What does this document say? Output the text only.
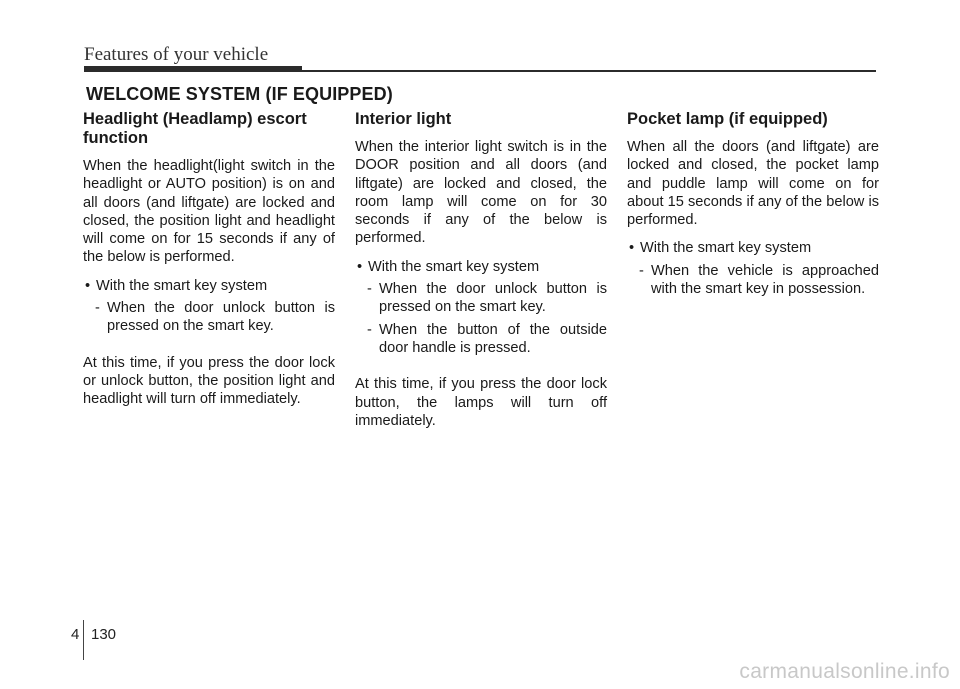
Features of your vehicle
WELCOME SYSTEM (IF EQUIPPED)
Headlight (Headlamp) escort function

When the headlight(light switch in the headlight or AUTO position) is on and all doors (and liftgate) are locked and closed, the position light and headlight will come on for 15 seconds if any of the below is performed.

• With the smart key system
- When the door unlock button is pressed on the smart key.

At this time, if you press the door lock or unlock button, the position light and headlight will turn off immediately.

Interior light

When the interior light switch is in the DOOR position and all doors (and liftgate) are locked and closed, the room lamp will come on for 30 seconds if any of the below is performed.

• With the smart key system
- When the door unlock button is pressed on the smart key.
- When the button of the outside door handle is pressed.

At this time, if you press the door lock button, the lamps will turn off immediately.

Pocket lamp (if equipped)

When all the doors (and liftgate) are locked and closed, the pocket lamp and puddle lamp will come on for about 15 seconds if any of the below is performed.

• With the smart key system
- When the vehicle is approached with the smart key in possession.
4 130
carmanualsonline.info
